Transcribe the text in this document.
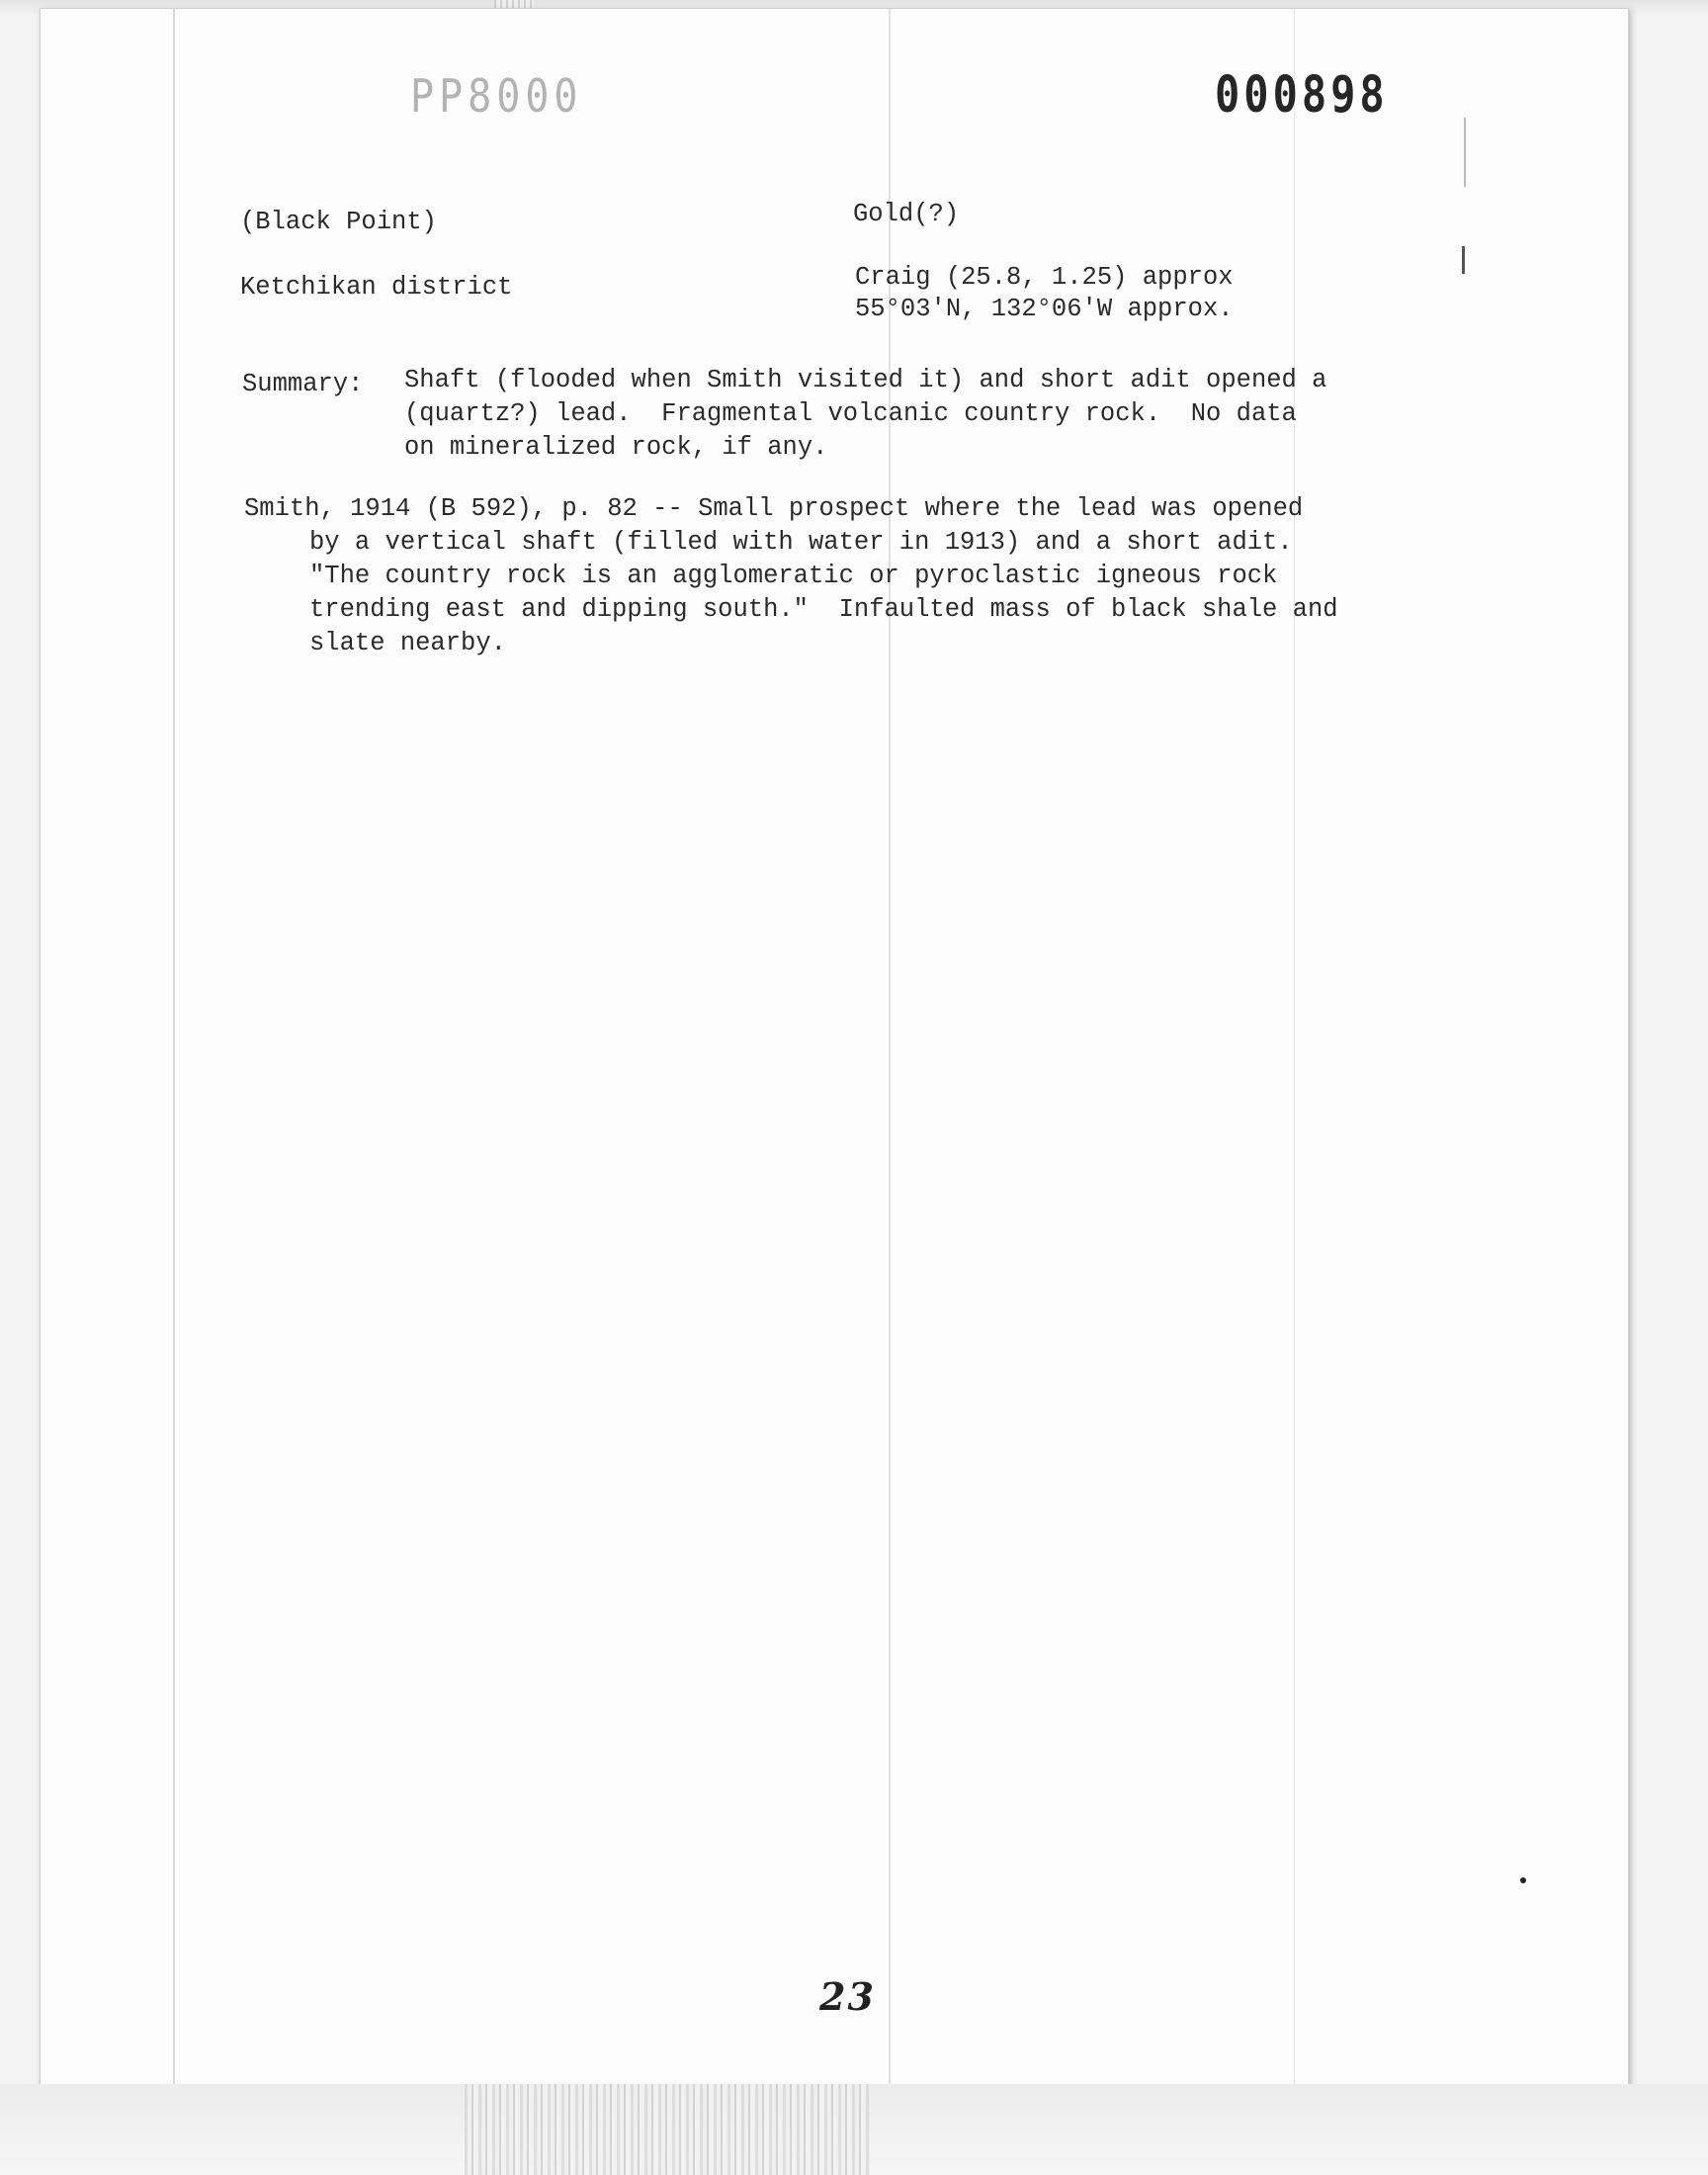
PP8000	000898
(Black Point)
Ketchikan district
Gold(?)
Craig (25.8, 1.25) approx
55°03'N, 132°06'W approx.
Summary: Shaft (flooded when Smith visited it) and short adit opened a
(quartz?) lead.  Fragmental volcanic country rock.  No data
on mineralized rock, if any.
Smith, 1914 (B 592), p. 82 -- Small prospect where the lead was opened
by a vertical shaft (filled with water in 1913) and a short adit.
"The country rock is an agglomeratic or pyroclastic igneous rock
trending east and dipping south."  Infaulted mass of black shale and
slate nearby.
23
